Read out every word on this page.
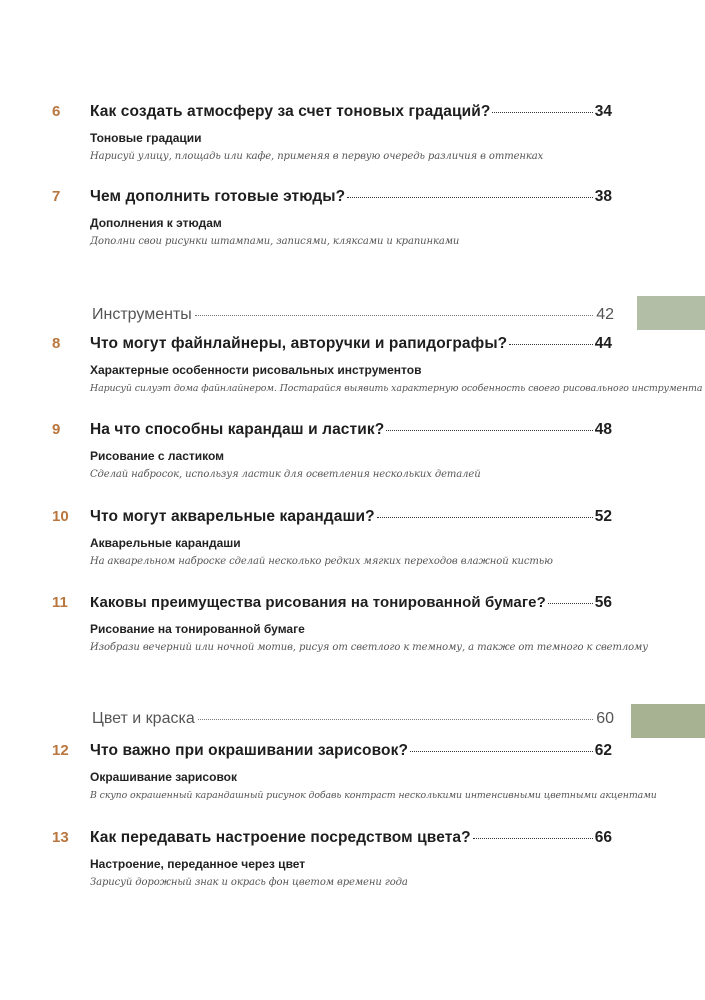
6	Как создать атмосферу за счет тоновых градаций?	34
Тоновые градации
Нарисуй улицу, площадь или кафе, применяя в первую очередь различия в оттенках
7	Чем дополнить готовые этюды?	38
Дополнения к этюдам
Дополни свои рисунки штампами, записями, кляксами и крапинками
Инструменты	42
8	Что могут файнлайнеры, авторучки и рапидографы?	44
Характерные особенности рисовальных инструментов
Нарисуй силуэт дома файнлайнером. Постарайся выявить характерную особенность своего рисовального инструмента
9	На что способны карандаш и ластик?	48
Рисование с ластиком
Сделай набросок, используя ластик для осветления нескольких деталей
10	Что могут акварельные карандаши?	52
Акварельные карандаши
На акварельном наброске сделай несколько редких мягких переходов влажной кистью
11	Каковы преимущества рисования на тонированной бумаге?	56
Рисование на тонированной бумаге
Изобрази вечерний или ночной мотив, рисуя от светлого к темному, а также от темного к светлому
Цвет и краска	60
12	Что важно при окрашивании зарисовок?	62
Окрашивание зарисовок
В скупо окрашенный карандашный рисунок добавь контраст несколькими интенсивными цветными акцентами
13	Как передавать настроение посредством цвета?	66
Настроение, переданное через цвет
Зарисуй дорожный знак и окрась фон цветом времени года
